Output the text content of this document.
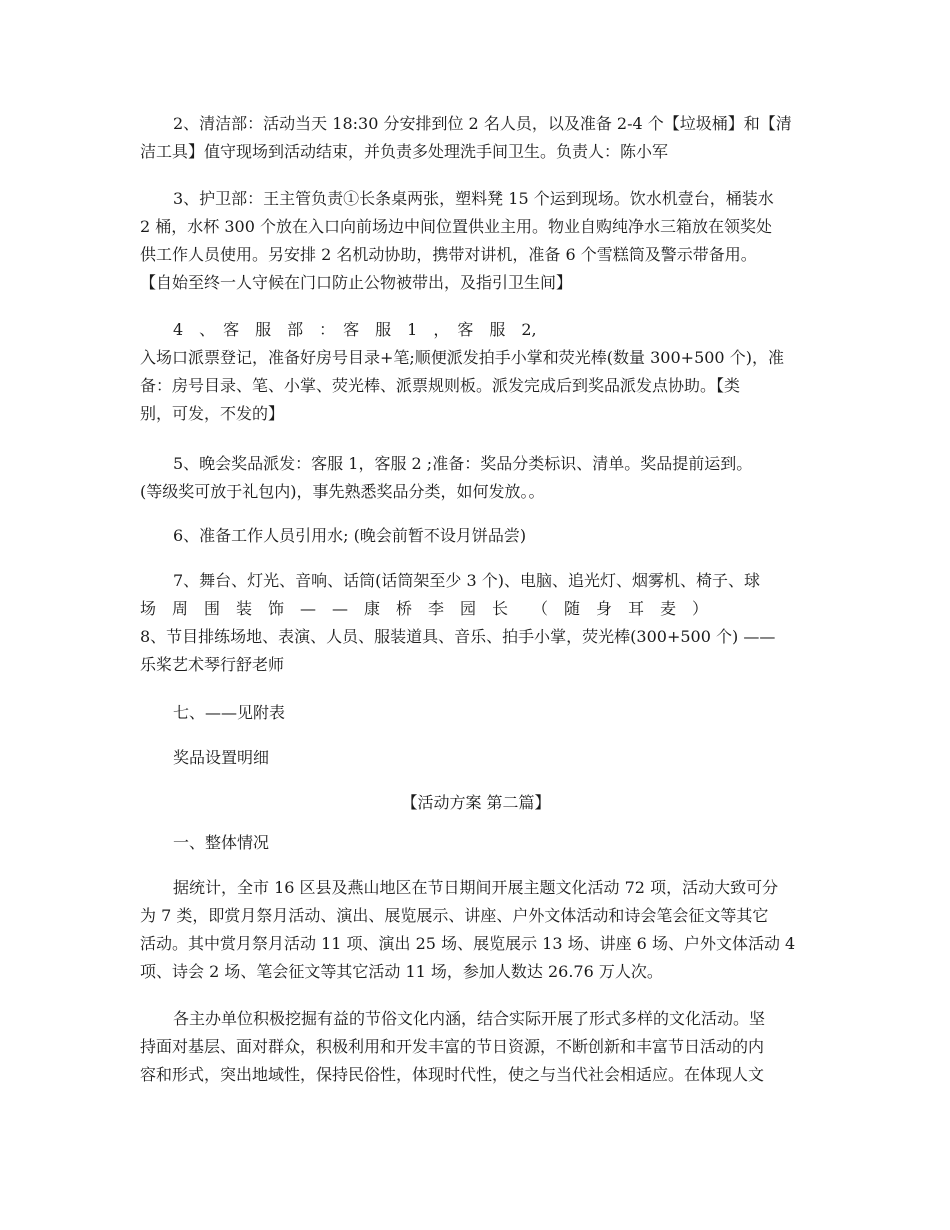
2、清洁部：活动当天 18:30 分安排到位 2 名人员，以及准备 2-4 个【垃圾桶】和【清
洁工具】值守现场到活动结束，并负责多处理洗手间卫生。负责人：陈小军
3、护卫部：王主管负责①长条桌两张，塑料凳 15 个运到现场。饮水机壹台，桶装水
2 桶，水杯 300 个放在入口向前场边中间位置供业主用。物业自购纯净水三箱放在领奖处
供工作人员使用。另安排 2 名机动协助，携带对讲机，准备 6 个雪糕筒及警示带备用。
【自始至终一人守候在门口防止公物被带出，及指引卫生间】
4　、　客　服　部　：　客　服　1　，　客　服　2,
入场口派票登记，准备好房号目录+笔;顺便派发拍手小掌和荧光棒(数量 300+500 个)，准
备：房号目录、笔、小掌、荧光棒、派票规则板。派发完成后到奖品派发点协助。【类
别，可发，不发的】
5、晚会奖品派发：客服 1，客服 2 ;准备：奖品分类标识、清单。奖品提前运到。
(等级奖可放于礼包内)，事先熟悉奖品分类，如何发放。。
6、准备工作人员引用水; (晚会前暂不设月饼品尝)
7、舞台、灯光、音响、话筒(话筒架至少 3 个)、电脑、追光灯、烟雾机、椅子、球
场　周　围　装　饰　—　—　康　桥　李　园　长　　（　随　身　耳　麦　）
8、节目排练场地、表演、人员、服装道具、音乐、拍手小掌，荧光棒(300+500 个) ——
乐桨艺术琴行舒老师
七、——见附表
奖品设置明细
【活动方案 第二篇】
一、整体情况
据统计，全市 16 区县及燕山地区在节日期间开展主题文化活动 72 项，活动大致可分
为 7 类，即赏月祭月活动、演出、展览展示、讲座、户外文体活动和诗会笔会征文等其它
活动。其中赏月祭月活动 11 项、演出 25 场、展览展示 13 场、讲座 6 场、户外文体活动 4
项、诗会 2 场、笔会征文等其它活动 11 场，参加人数达 26.76 万人次。
各主办单位积极挖掘有益的节俗文化内涵，结合实际开展了形式多样的文化活动。坚
持面对基层、面对群众，积极利用和开发丰富的节日资源，不断创新和丰富节日活动的内
容和形式，突出地域性，保持民俗性，体现时代性，使之与当代社会相适应。在体现人文
